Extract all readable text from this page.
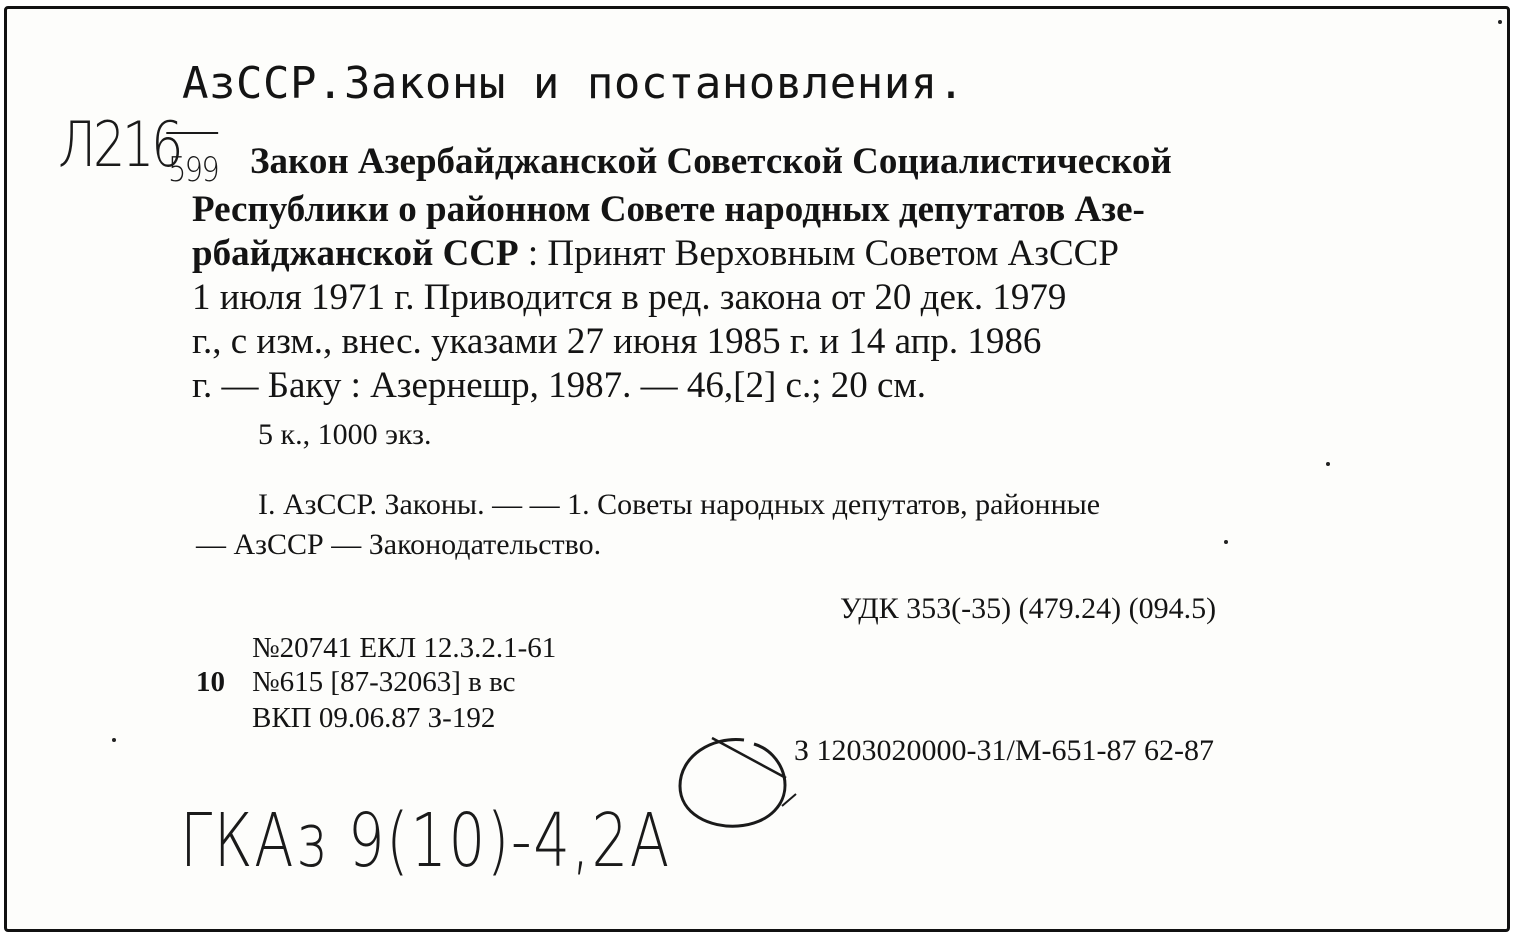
АзССР.Законы и постановления.
Л216
599 Закон Азербайджанской Советской Социалистической
Республики о районном Совете народных депутатов Азе-
рбайджанской ССР : Принят Верховным Советом АзССР
1 июля 1971 г. Приводится в ред. закона от 20 дек. 1979
г., с изм., внес. указами 27 июня 1985 г. и 14 апр. 1986
г. — Баку : Азернешр, 1987. — 46,[2] с.; 20 см.
5 к., 1000 экз.
I. АзССР. Законы. — — 1. Советы народных депутатов, районные
— АзССР — Законодательство.
УДК 353(-35) (479.24) (094.5)
№20741 ЕКЛ 12.3.2.1-61
10 №615 [87-32063] в вс
ВКП 09.06.87 З-192
З 1203020000-31/М-651-87 62-87
ГКАз 9(10)-4,2А
